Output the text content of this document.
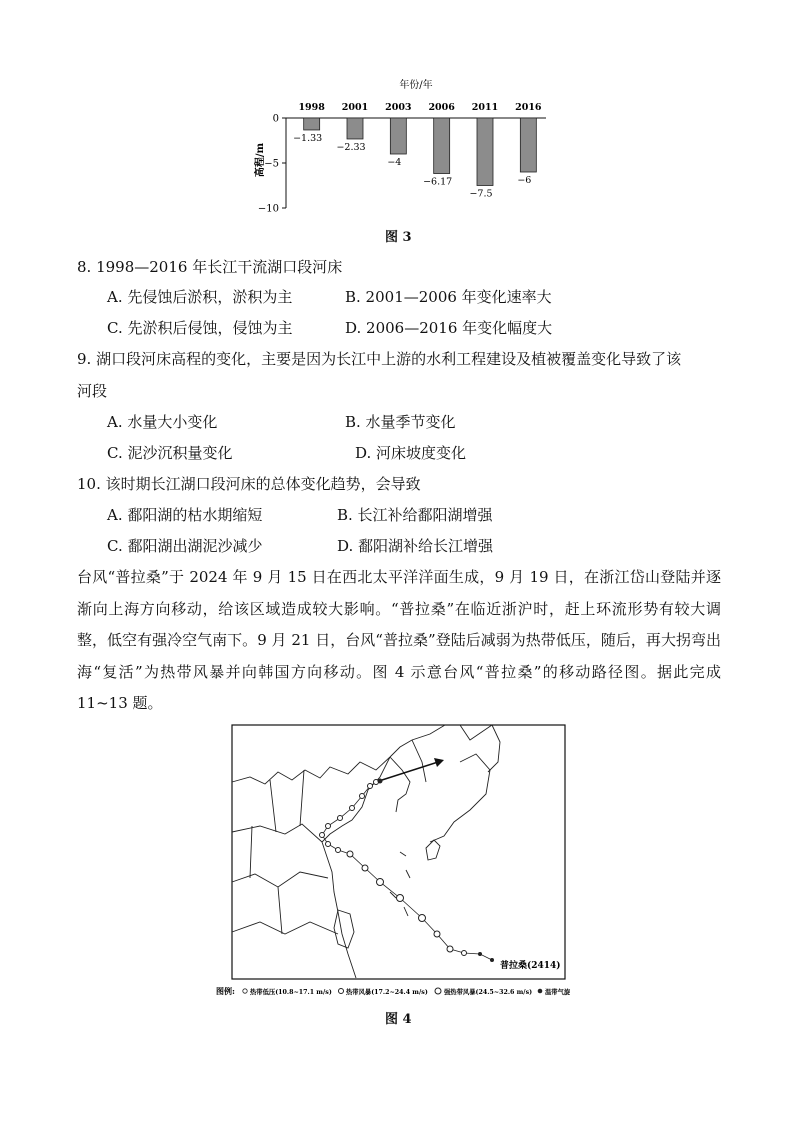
年份/年
0
−5
−10
高程/m
1998
−1.33
2001
−2.33
2003
−4
2006
−6.17
2011
−7.5
2016
−6
图 3
8. 1998—2016 年长江干流湖口段河床
A. 先侵蚀后淤积，淤积为主	B. 2001—2006 年变化速率大
C. 先淤积后侵蚀，侵蚀为主	D. 2006—2016 年变化幅度大
9. 湖口段河床高程的变化，主要是因为长江中上游的水利工程建设及植被覆盖变化导致了该
河段
A. 水量大小变化	B. 水量季节变化
C. 泥沙沉积量变化	D. 河床坡度变化
10. 该时期长江湖口段河床的总体变化趋势，会导致
A. 鄱阳湖的枯水期缩短	B. 长江补给鄱阳湖增强
C. 鄱阳湖出湖泥沙减少	D. 鄱阳湖补给长江增强
台风“普拉桑”于 2024 年 9 月 15 日在西北太平洋洋面生成，9 月 19 日，在浙江岱山登陆并逐渐向上海方向移动，给该区域造成较大影响。“普拉桑”在临近浙沪时，赶上环流形势有较大调整，低空有强冷空气南下。9 月 21 日，台风“普拉桑”登陆后减弱为热带低压，随后，再大拐弯出海“复活”为热带风暴并向韩国方向移动。图 4 示意台风“普拉桑”的移动路径图。据此完成 11~13 题。
普拉桑(2414)
图例: 热带低压(10.8~17.1 m/s) 热带风暴(17.2~24.4 m/s)	强热带风暴(24.5~32.6 m/s) 温带气旋
图 4
